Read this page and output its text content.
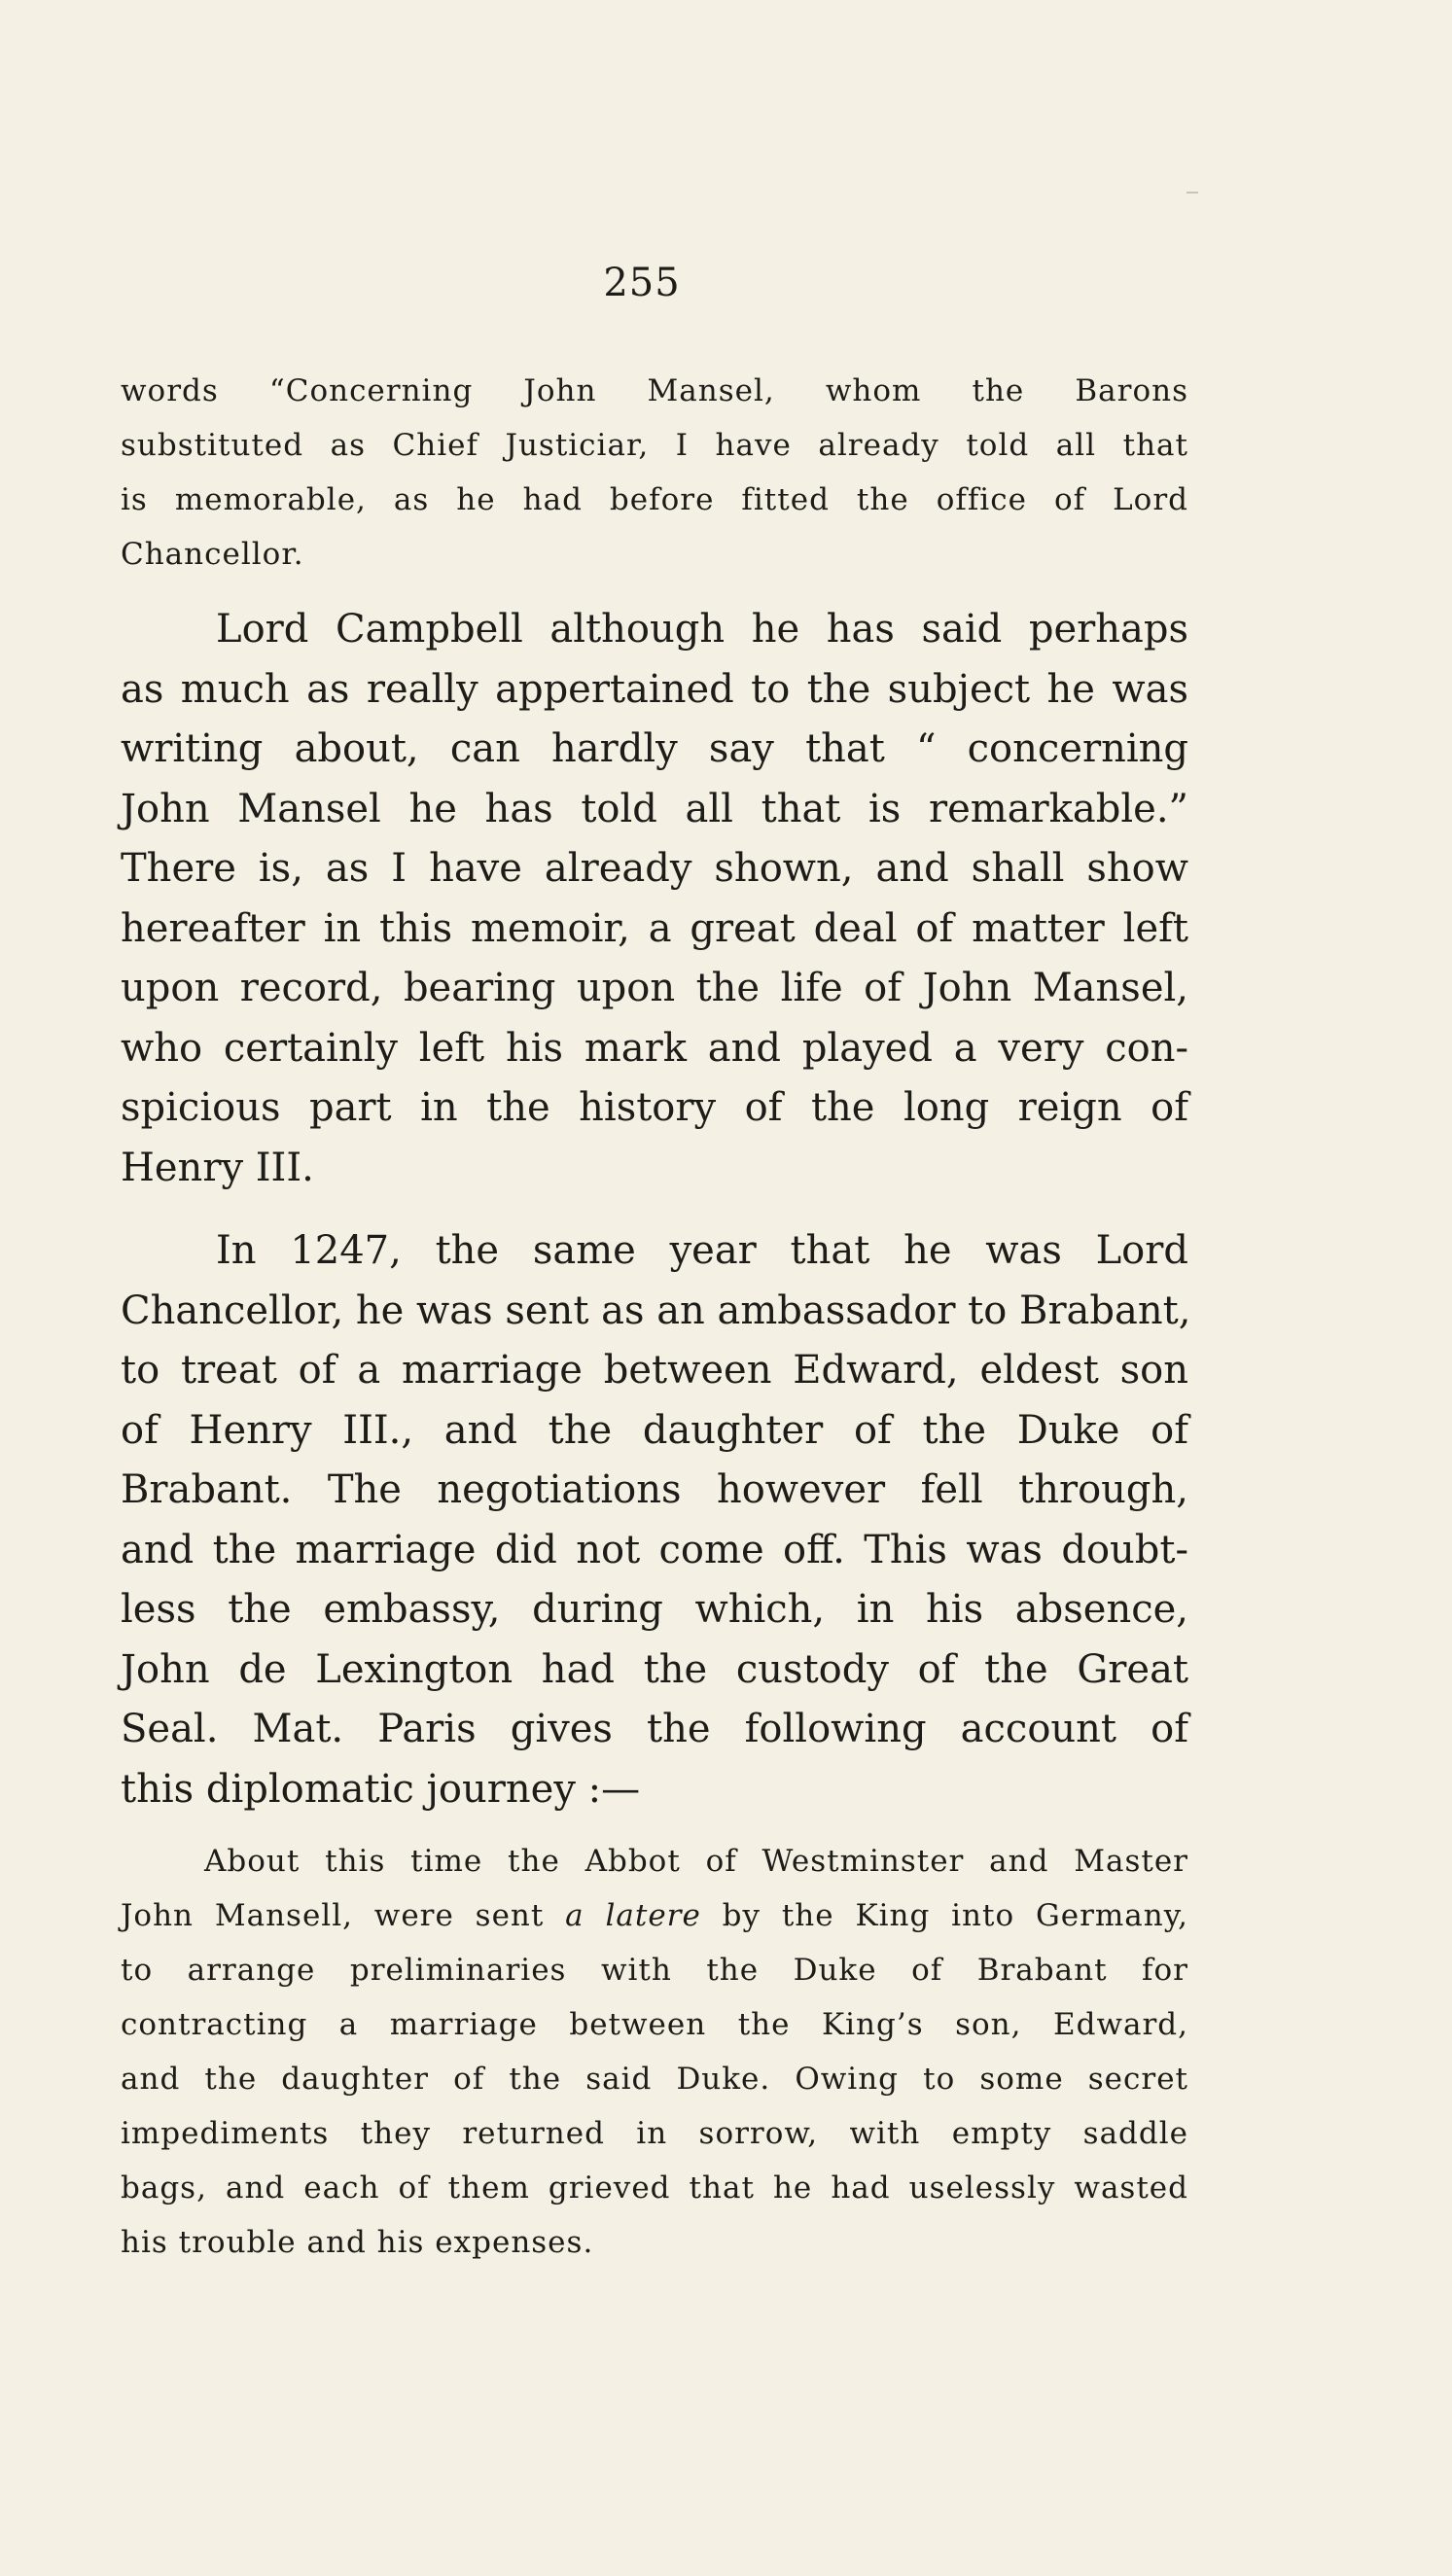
255
words “Concerning John Mansel, whom the Barons
substituted as Chief Justiciar, I have already told all that
is memorable, as he had before fitted the office of Lord
Chancellor.
Lord Campbell although he has said perhaps
as much as really appertained to the subject he was
writing about, can hardly say that “ concerning
John Mansel he has told all that is remarkable.”
There is, as I have already shown, and shall show
hereafter in this memoir, a great deal of matter left
upon record, bearing upon the life of John Mansel,
who certainly left his mark and played a very con-
spicious part in the history of the long reign of
Henry III.
In 1247, the same year that he was Lord
Chancellor, he was sent as an ambassador to Brabant,
to treat of a marriage between Edward, eldest son
of Henry III., and the daughter of the Duke of
Brabant. The negotiations however fell through,
and the marriage did not come off. This was doubt-
less the embassy, during which, in his absence,
John de Lexington had the custody of the Great
Seal. Mat. Paris gives the following account of
this diplomatic journey :—
About this time the Abbot of Westminster and Master
John Mansell, were sent a latere by the King into Germany,
to arrange preliminaries with the Duke of Brabant for
contracting a marriage between the King’s son, Edward,
and the daughter of the said Duke. Owing to some secret
impediments they returned in sorrow, with empty saddle
bags, and each of them grieved that he had uselessly wasted
his trouble and his expenses.
